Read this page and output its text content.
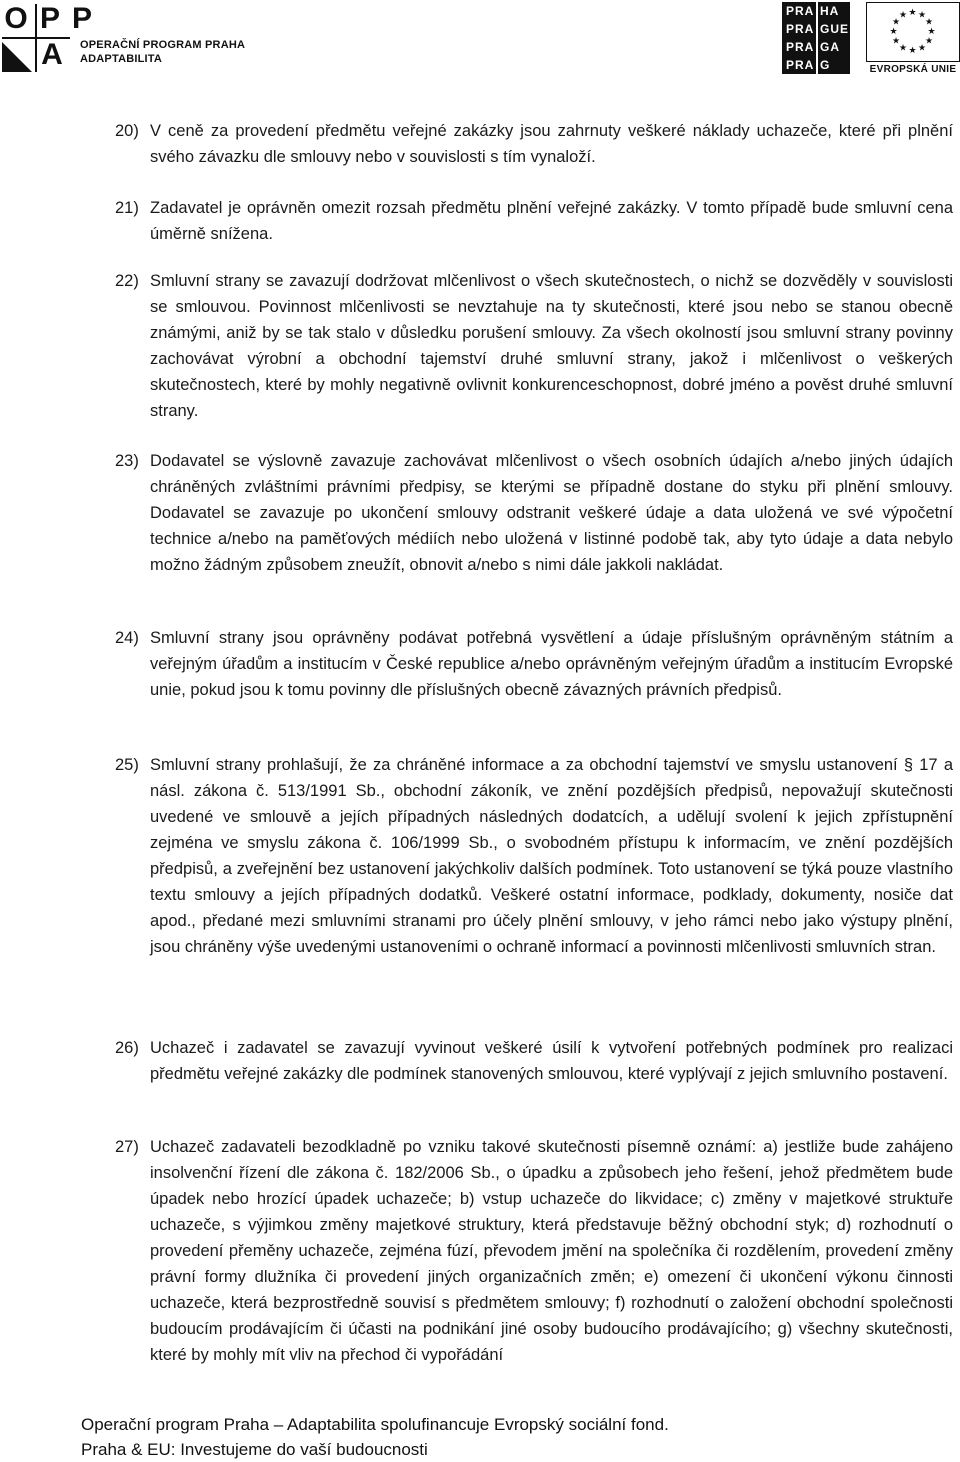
O P P
A OPERAČNÍ PROGRAM PRAHA
ADAPTABILITA
PRA HA
PRA GUE
PRA GA
PRA G
★ ★
★
★
★
★
★
★
★
★
★
★
EVROPSKÁ UNIE
20) V ceně za provedení předmětu veřejné zakázky jsou zahrnuty veškeré náklady uchazeče, které při plnění svého závazku dle smlouvy nebo v souvislosti s tím vynaloží.
21) Zadavatel je oprávněn omezit rozsah předmětu plnění veřejné zakázky. V tomto případě bude smluvní cena úměrně snížena.
22) Smluvní strany se zavazují dodržovat mlčenlivost o všech skutečnostech, o nichž se dozvěděly v souvislosti se smlouvou. Povinnost mlčenlivosti se nevztahuje na ty skutečnosti, které jsou nebo se stanou obecně známými, aniž by se tak stalo v důsledku porušení smlouvy. Za všech okolností jsou smluvní strany povinny zachovávat výrobní a obchodní tajemství druhé smluvní strany, jakož i mlčenlivost o veškerých skutečnostech, které by mohly negativně ovlivnit konkurenceschopnost, dobré jméno a pověst druhé smluvní strany.
23) Dodavatel se výslovně zavazuje zachovávat mlčenlivost o všech osobních údajích a/nebo jiných údajích chráněných zvláštními právními předpisy, se kterými se případně dostane do styku při plnění smlouvy. Dodavatel se zavazuje po ukončení smlouvy odstranit veškeré údaje a data uložená ve své výpočetní technice a/nebo na paměťových médiích nebo uložená v listinné podobě tak, aby tyto údaje a data nebylo možno žádným způsobem zneužít, obnovit a/nebo s nimi dále jakkoli nakládat.
24) Smluvní strany jsou oprávněny podávat potřebná vysvětlení a údaje příslušným oprávněným státním a veřejným úřadům a institucím v České republice a/nebo oprávněným veřejným úřadům a institucím Evropské unie, pokud jsou k tomu povinny dle příslušných obecně závazných právních předpisů.
25) Smluvní strany prohlašují, že za chráněné informace a za obchodní tajemství ve smyslu ustanovení § 17 a násl. zákona č. 513/1991 Sb., obchodní zákoník, ve znění pozdějších předpisů, nepovažují skutečnosti uvedené ve smlouvě a jejích případných následných dodatcích, a udělují svolení k jejich zpřístupnění zejména ve smyslu zákona č. 106/1999 Sb., o svobodném přístupu k informacím, ve znění pozdějších předpisů, a zveřejnění bez ustanovení jakýchkoliv dalších podmínek. Toto ustanovení se týká pouze vlastního textu smlouvy a jejích případných dodatků. Veškeré ostatní informace, podklady, dokumenty, nosiče dat apod., předané mezi smluvními stranami pro účely plnění smlouvy, v jeho rámci nebo jako výstupy plnění, jsou chráněny výše uvedenými ustanoveními o ochraně informací a povinnosti mlčenlivosti smluvních stran.
26) Uchazeč i zadavatel se zavazují vyvinout veškeré úsilí k vytvoření potřebných podmínek pro realizaci předmětu veřejné zakázky dle podmínek stanovených smlouvou, které vyplývají z jejich smluvního postavení.
27) Uchazeč zadavateli bezodkladně po vzniku takové skutečnosti písemně oznámí: a) jestliže bude zahájeno insolvenční řízení dle zákona č. 182/2006 Sb., o úpadku a způsobech jeho řešení, jehož předmětem bude úpadek nebo hrozící úpadek uchazeče; b) vstup uchazeče do likvidace; c) změny v majetkové struktuře uchazeče, s výjimkou změny majetkové struktury, která představuje běžný obchodní styk; d) rozhodnutí o provedení přeměny uchazeče, zejména fúzí, převodem jmění na společníka či rozdělením, provedení změny právní formy dlužníka či provedení jiných organizačních změn; e) omezení či ukončení výkonu činnosti uchazeče, která bezprostředně souvisí s předmětem smlouvy; f) rozhodnutí o založení obchodní společnosti budoucím prodávajícím či účasti na podnikání jiné osoby budoucího prodávajícího; g) všechny skutečnosti, které by mohly mít vliv na přechod či vypořádání
Operační program Praha – Adaptabilita spolufinancuje Evropský sociální fond.
Praha & EU: Investujeme do vaší budoucnosti
